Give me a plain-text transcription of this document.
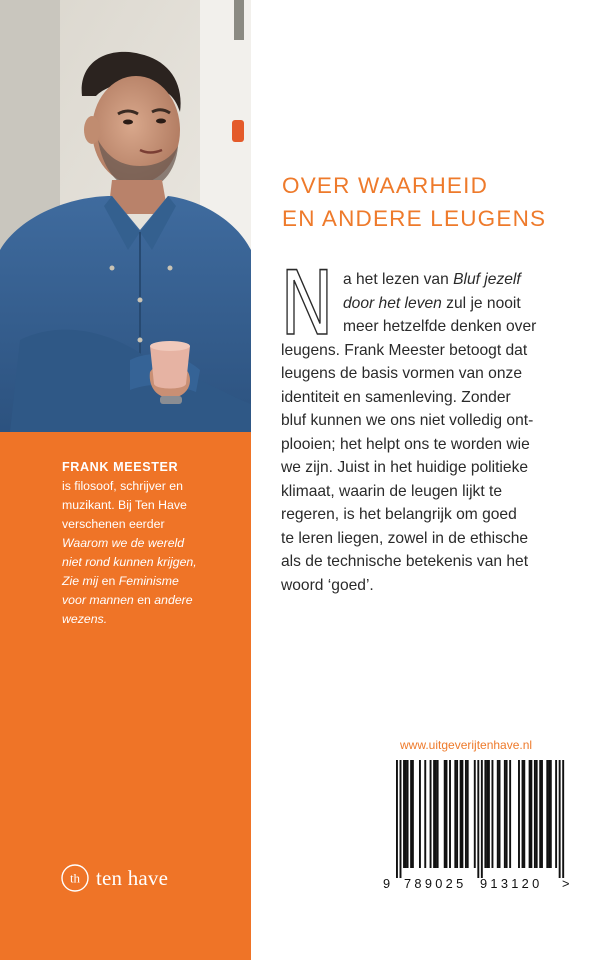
FRANK MEESTER
is filosoof, schrijver en
muzikant. Bij Ten Have
verschenen eerder
Waarom we de wereld
niet rond kunnen krijgen,
Zie mij en Feminisme
voor mannen en andere
wezens.
th ten have
OVER WAARHEID
EN ANDERE LEUGENS
N a het lezen van Bluf jezelf
door het leven zul je nooit
meer hetzelfde denken over
leugens. Frank Meester betoogt dat
leugens de basis vormen van onze
identiteit en samenleving. Zonder
bluf kunnen we ons niet volledig ont-
plooien; het helpt ons te worden wie
we zijn. Juist in het huidige politieke
klimaat, waarin de leugen lijkt te
regeren, is het belangrijk om goed
te leren liegen, zowel in de ethische
als de technische betekenis van het
woord ‘goed’.
www.uitgeverijtenhave.nl
9 789025 913120 >
